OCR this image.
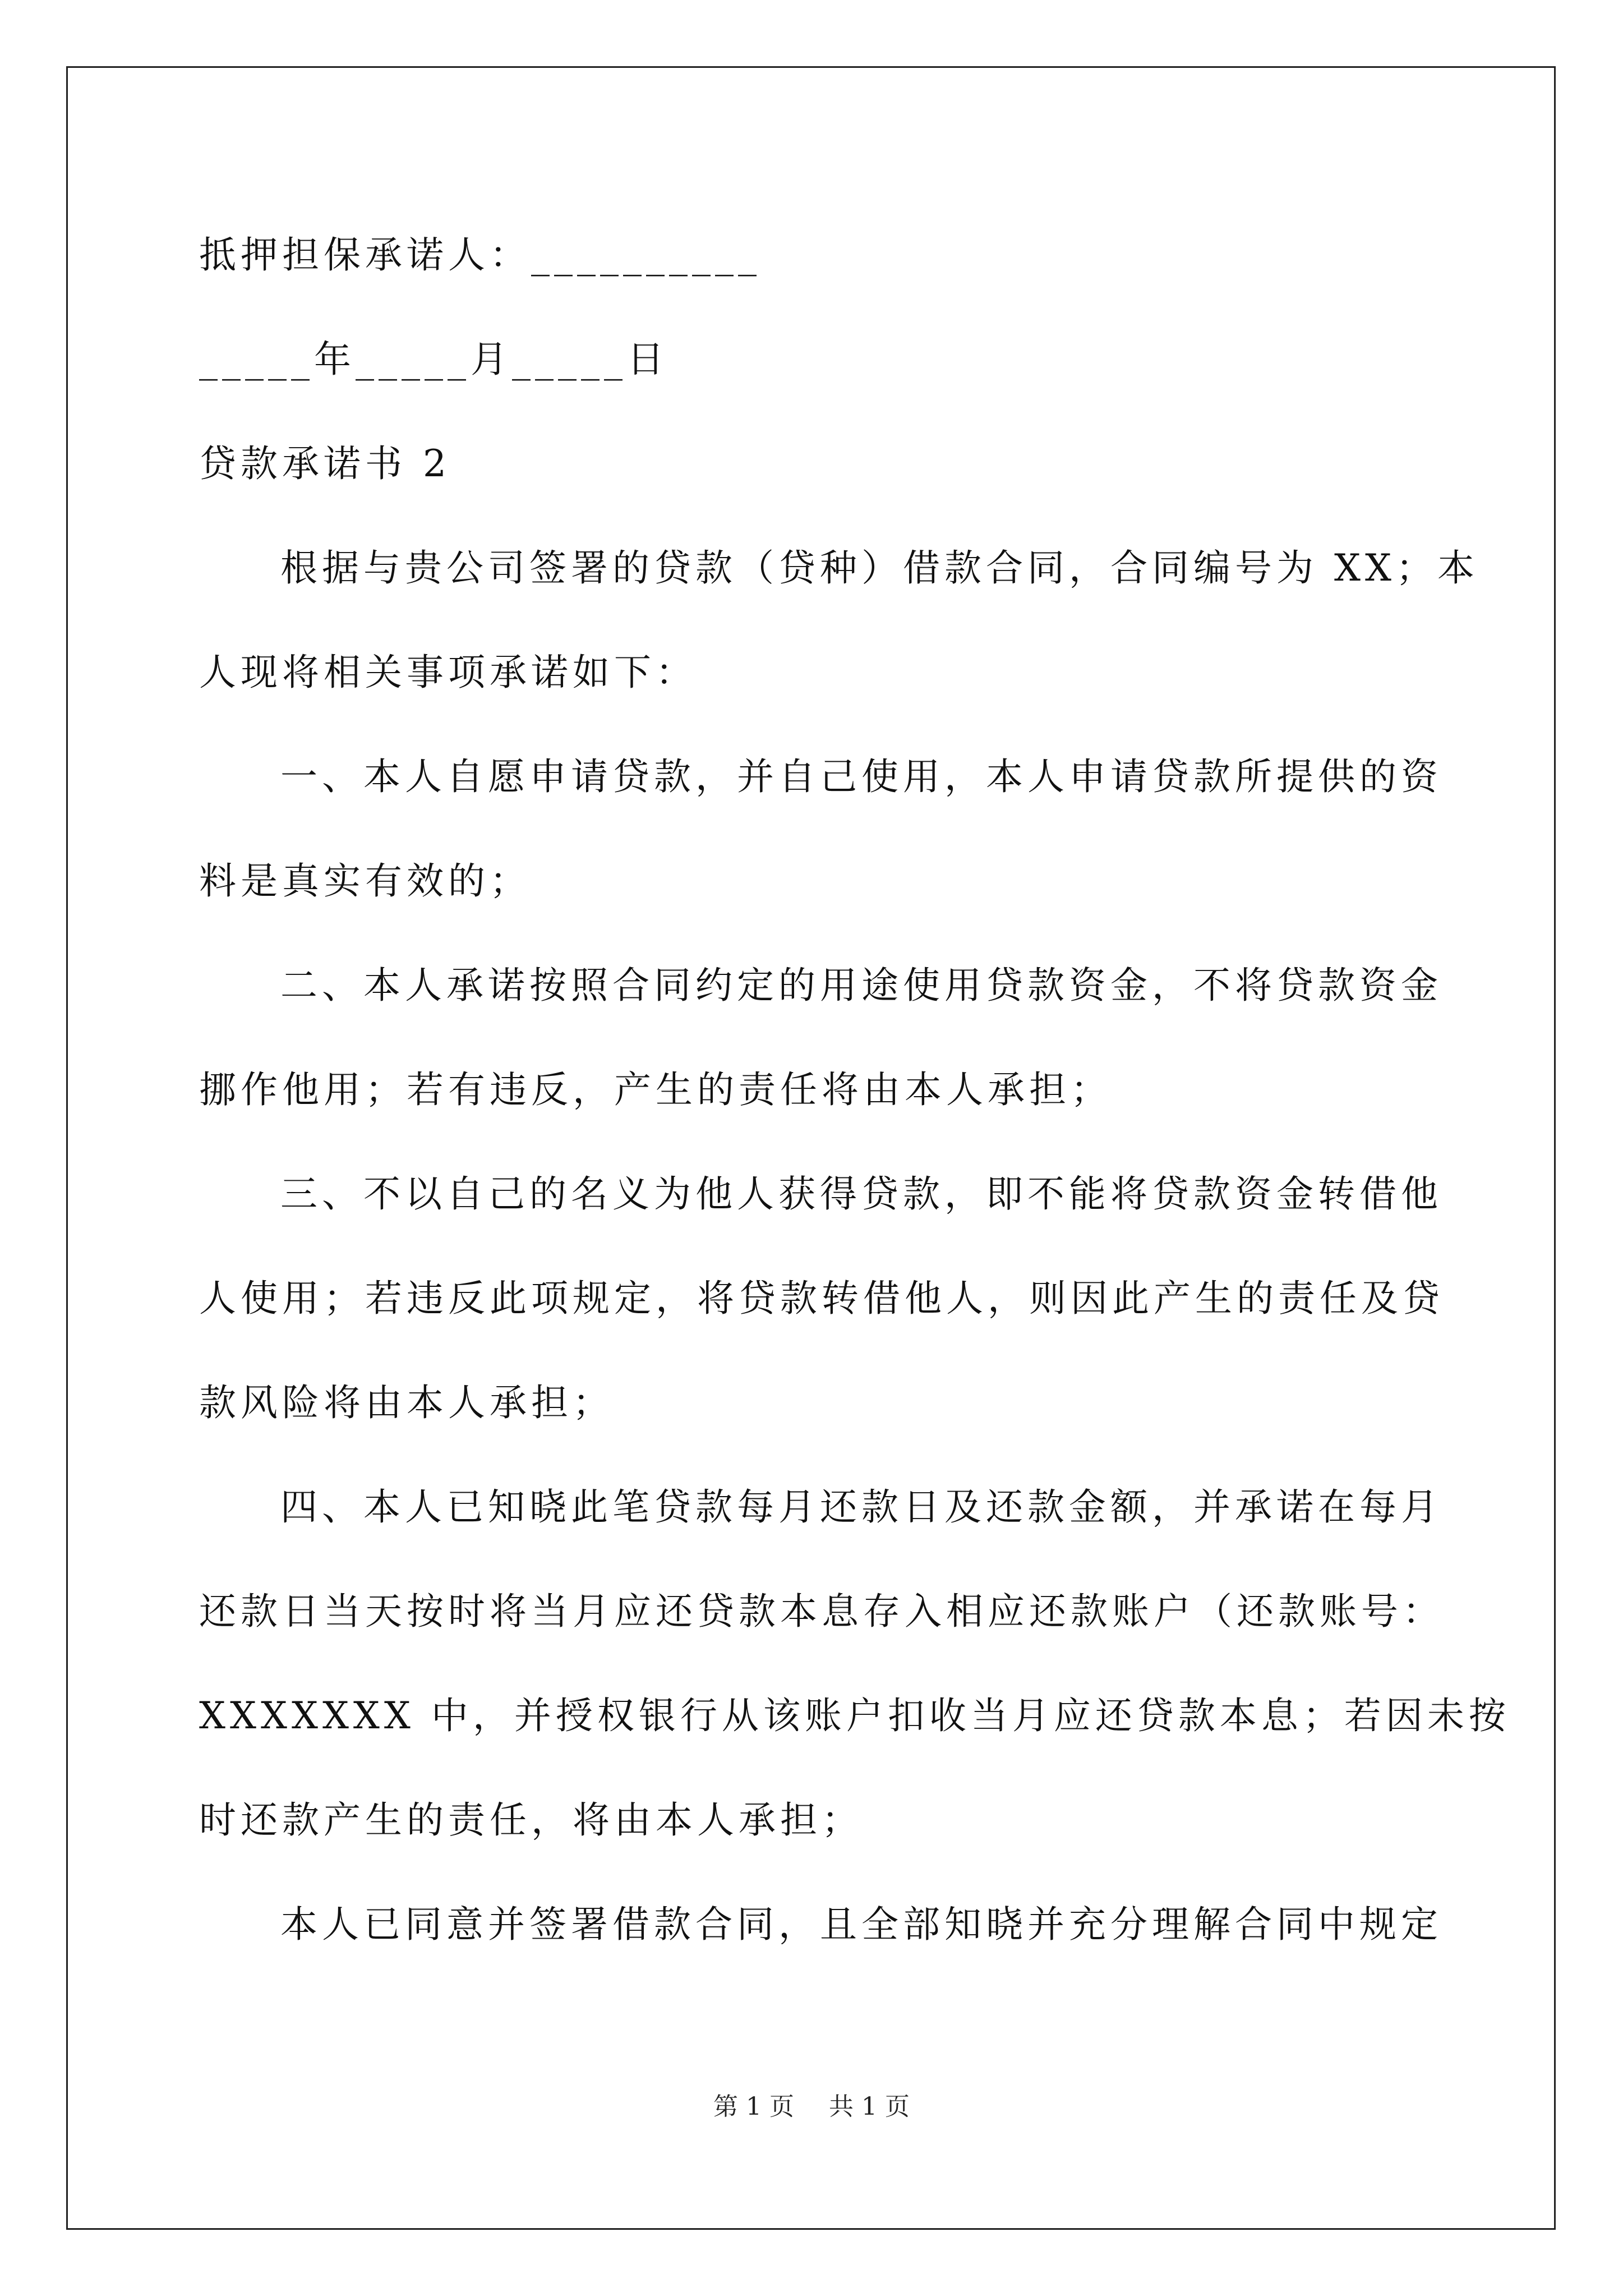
抵押担保承诺人：__________
_____年_____月_____日
贷款承诺书 2
根据与贵公司签署的贷款（贷种）借款合同，合同编号为 XX；本
人现将相关事项承诺如下：
一、本人自愿申请贷款，并自己使用，本人申请贷款所提供的资
料是真实有效的；
二、本人承诺按照合同约定的用途使用贷款资金，不将贷款资金
挪作他用；若有违反，产生的责任将由本人承担；
三、不以自己的名义为他人获得贷款，即不能将贷款资金转借他
人使用；若违反此项规定，将贷款转借他人，则因此产生的责任及贷
款风险将由本人承担；
四、本人已知晓此笔贷款每月还款日及还款金额，并承诺在每月
还款日当天按时将当月应还贷款本息存入相应还款账户（还款账号：
XXXXXXX 中，并授权银行从该账户扣收当月应还贷款本息；若因未按
时还款产生的责任，将由本人承担；
本人已同意并签署借款合同，且全部知晓并充分理解合同中规定
第 1 页 共 1 页
